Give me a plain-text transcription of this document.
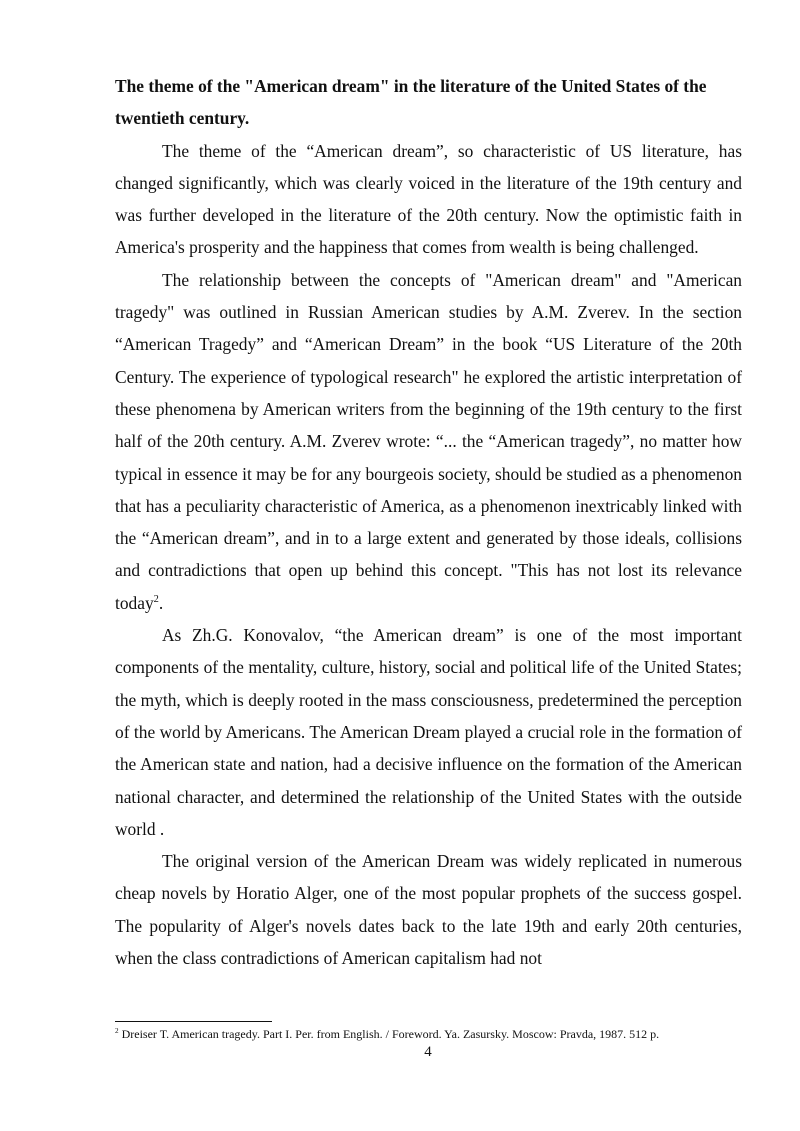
The theme of the "American dream" in the literature of the United States of the twentieth century.

The theme of the “American dream”, so characteristic of US literature, has changed significantly, which was clearly voiced in the literature of the 19th century and was further developed in the literature of the 20th century. Now the optimistic faith in America's prosperity and the happiness that comes from wealth is being challenged.

The relationship between the concepts of "American dream" and "American tragedy" was outlined in Russian American studies by A.M. Zverev. In the section “American Tragedy” and “American Dream” in the book “US Literature of the 20th Century. The experience of typological research" he explored the artistic interpretation of these phenomena by American writers from the beginning of the 19th century to the first half of the 20th century. A.M. Zverev wrote: “... the “American tragedy”, no matter how typical in essence it may be for any bourgeois society, should be studied as a phenomenon that has a peculiarity characteristic of America, as a phenomenon inextricably linked with the “American dream”, and in to a large extent and generated by those ideals, collisions and contradictions that open up behind this concept. "This has not lost its relevance today$^2$.

As Zh.G. Konovalov, “the American dream” is one of the most important components of the mentality, culture, history, social and political life of the United States; the myth, which is deeply rooted in the mass consciousness, predetermined the perception of the world by Americans. The American Dream played a crucial role in the formation of the American state and nation, had a decisive influence on the formation of the American national character, and determined the relationship of the United States with the outside world .

The original version of the American Dream was widely replicated in numerous cheap novels by Horatio Alger, one of the most popular prophets of the success gospel. The popularity of Alger's novels dates back to the late 19th and early 20th centuries, when the class contradictions of American capitalism had not

$^2$ Dreiser T. American tragedy. Part I. Per. from English. / Foreword. Ya. Zasursky. Moscow: Pravda, 1987. 512 p.
4
